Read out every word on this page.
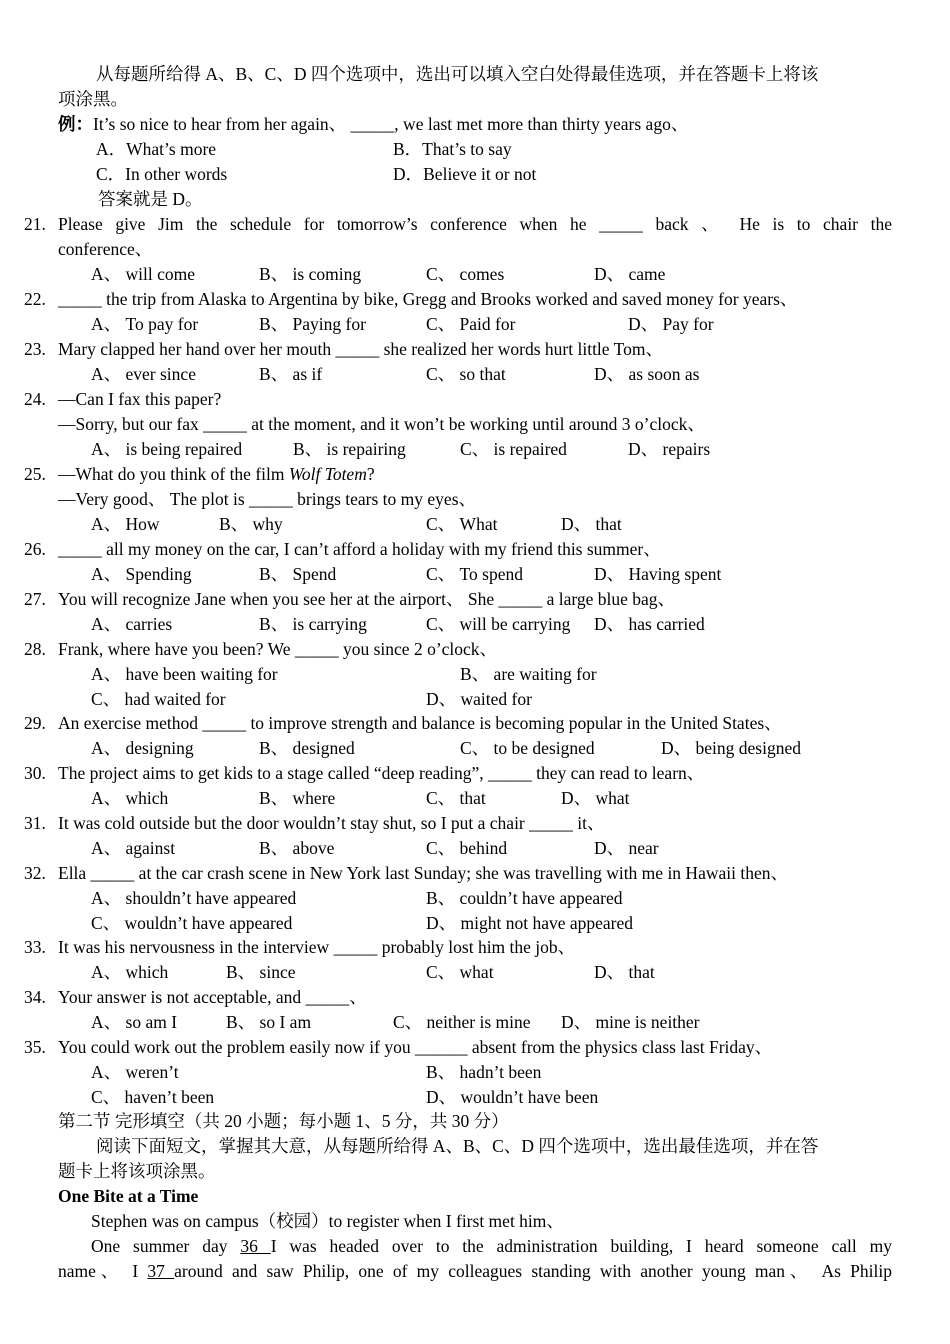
从每题所给得 A、B、C、D 四个选项中，选出可以填入空白处得最佳选项，并在答题卡上将该
项涂黑。
例：It’s so nice to hear from her again、 _____, we last met more than thirty years ago、
A．What’s more	B．That’s to say
C．In other words	D．Believe it or not
答案就是 D。
21. Please give Jim the schedule for tomorrow’s conference when he _____ back 、 He is to chair the
conference、
A、 will come	B、 is coming	C、 comes	D、 came
22. _____ the trip from Alaska to Argentina by bike, Gregg and Brooks worked and saved money for years、
A、 To pay for	B、 Paying for	C、 Paid for	D、 Pay for
23. Mary clapped her hand over her mouth _____ she realized her words hurt little Tom、
A、 ever since	B、 as if	C、 so that	D、 as soon as
24. —Can I fax this paper?
—Sorry, but our fax _____ at the moment, and it won’t be working until around 3 o’clock、
A、 is being repaired	B、 is repairing	C、 is repaired	D、 repairs
25. —What do you think of the film Wolf Totem?
—Very good、 The plot is _____ brings tears to my eyes、
A、 How	B、 why	C、 What	D、 that
26. _____ all my money on the car, I can’t afford a holiday with my friend this summer、
A、 Spending	B、 Spend	C、 To spend	D、 Having spent
27. You will recognize Jane when you see her at the airport、 She _____ a large blue bag、
A、 carries	B、 is carrying	C、 will be carrying D、 has carried
28. Frank, where have you been? We _____ you since 2 o’clock、
A、 have been waiting for	B、 are waiting for
C、 had waited for	D、 waited for
29. An exercise method _____ to improve strength and balance is becoming popular in the United States、
A、 designing	B、 designed	C、 to be designed	D、 being designed
30. The project aims to get kids to a stage called “deep reading”, _____ they can read to learn、
A、 which	B、 where	C、 that	D、 what
31. It was cold outside but the door wouldn’t stay shut, so I put a chair _____ it、
A、 against	B、 above	C、 behind	D、 near
32. Ella _____ at the car crash scene in New York last Sunday; she was travelling with me in Hawaii then、
A、 shouldn’t have appeared	B、 couldn’t have appeared
C、 wouldn’t have appeared	D、 might not have appeared
33. It was his nervousness in the interview _____ probably lost him the job、
A、 which	B、 since	C、 what	D、 that
34. Your answer is not acceptable, and _____、
A、 so am I	B、 so I am	C、 neither is mine D、 mine is neither
35. You could work out the problem easily now if you ______ absent from the physics class last Friday、
A、 weren’t	B、 hadn’t been
C、 haven’t been	D、 wouldn’t have been
第二节 完形填空（共 20 小题；每小题 1、5 分，共 30 分）
阅读下面短文，掌握其大意，从每题所给得 A、B、C、D 四个选项中，选出最佳选项，并在答
题卡上将该项涂黑。
One Bite at a Time
Stephen was on campus（校园）to register when I first met him、
One summer day 36 I was headed over to the administration building, I heard someone call my
name、 I 37 around and saw Philip, one of my colleagues standing with another young man、 As Philip
